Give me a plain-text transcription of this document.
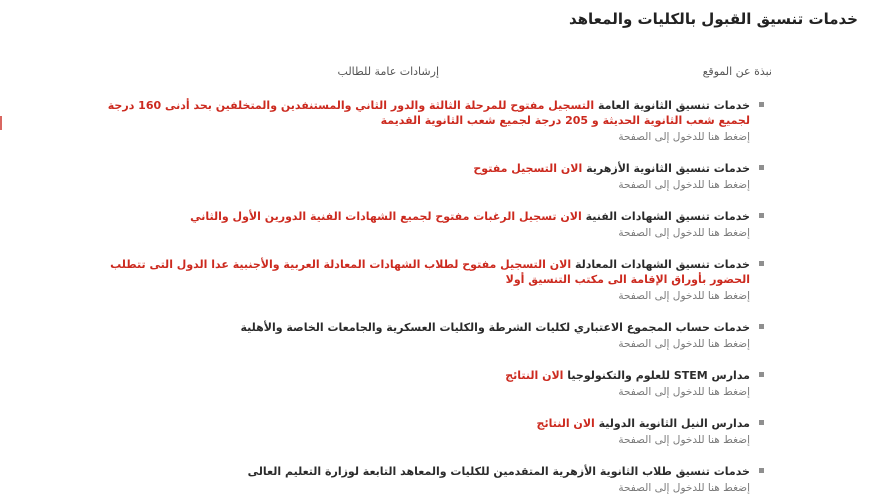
خدمات تنسيق القبول بالكليات والمعاهد
نبذة عن الموقع
إرشادات عامة للطالب
خدمات تنسيق الثانوية العامة التسجيل مفتوح للمرحلة الثالثة والدور الثاني والمستنفدين والمتخلفين بحد أدنى 160 درجة لجميع شعب الثانوية الحديثة و 205 درجة لجميع شعب الثانوية القديمة
إضغط هنا للدخول إلى الصفحة
خدمات تنسيق الثانوية الأزهرية الان التسجيل مفتوح
إضغط هنا للدخول إلى الصفحة
خدمات تنسيق الشهادات الفنية الان تسجيل الرغبات مفتوح لجميع الشهادات الفنية الدورين الأول والثاني
إضغط هنا للدخول إلى الصفحة
خدمات تنسيق الشهادات المعادلة الان التسجيل مفتوح لطلاب الشهادات المعادلة العربية والأجنبية عدا الدول التى تتطلب الحضور بأوراق الإقامة الى مكتب التنسيق أولا
إضغط هنا للدخول إلى الصفحة
خدمات حساب المجموع الاعتباري لكليات الشرطة والكليات العسكرية والجامعات الخاصة والأهلية
إضغط هنا للدخول إلى الصفحة
مدارس STEM للعلوم والتكنولوجيا الان النتائج
إضغط هنا للدخول إلى الصفحة
مدارس النيل الثانوية الدولية الان النتائج
إضغط هنا للدخول إلى الصفحة
خدمات تنسيق طلاب الثانوية الأزهرية المتقدمين للكليات والمعاهد التابعة لوزارة التعليم العالى
إضغط هنا للدخول إلى الصفحة
